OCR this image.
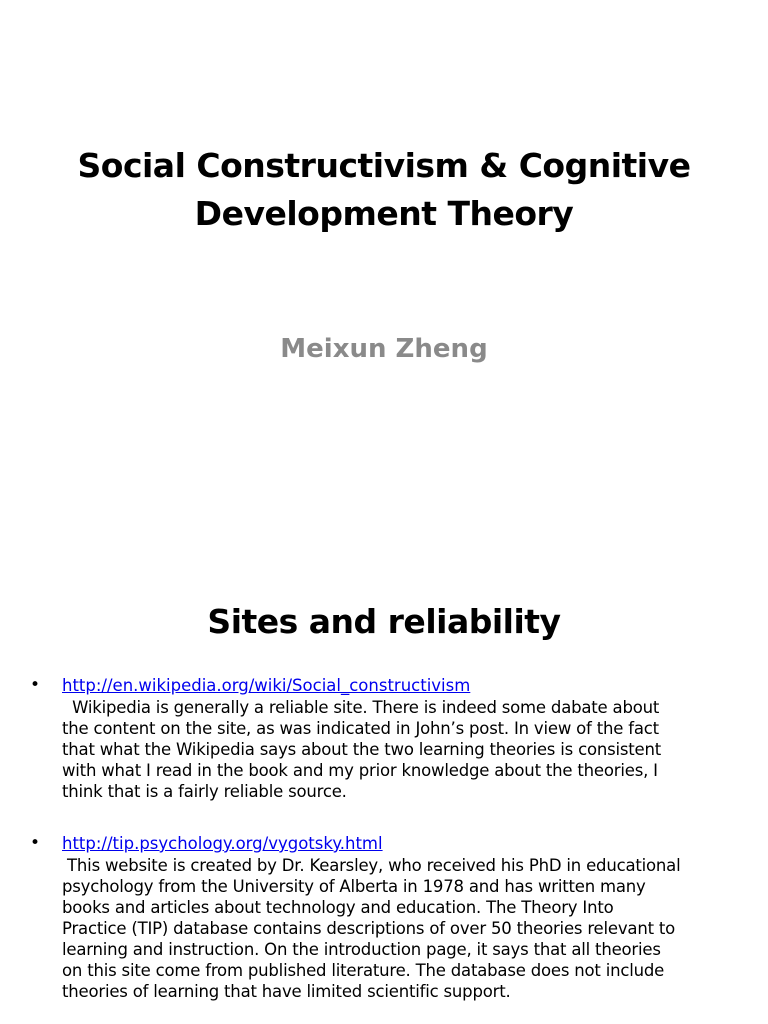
Social Constructivism & Cognitive
Development Theory
Meixun Zheng
Sites and reliability
• http://en.wikipedia.org/wiki/Social_constructivism
Wikipedia is generally a reliable site. There is indeed some dabate about
the content on the site, as was indicated in John’s post. In view of the fact
that what the Wikipedia says about the two learning theories is consistent
with what I read in the book and my prior knowledge about the theories, I
think that is a fairly reliable source.
• http://tip.psychology.org/vygotsky.html
This website is created by Dr. Kearsley, who received his PhD in educational
psychology from the University of Alberta in 1978 and has written many
books and articles about technology and education. The Theory Into
Practice (TIP) database contains descriptions of over 50 theories relevant to
learning and instruction. On the introduction page, it says that all theories
on this site come from published literature. The database does not include
theories of learning that have limited scientific support.
